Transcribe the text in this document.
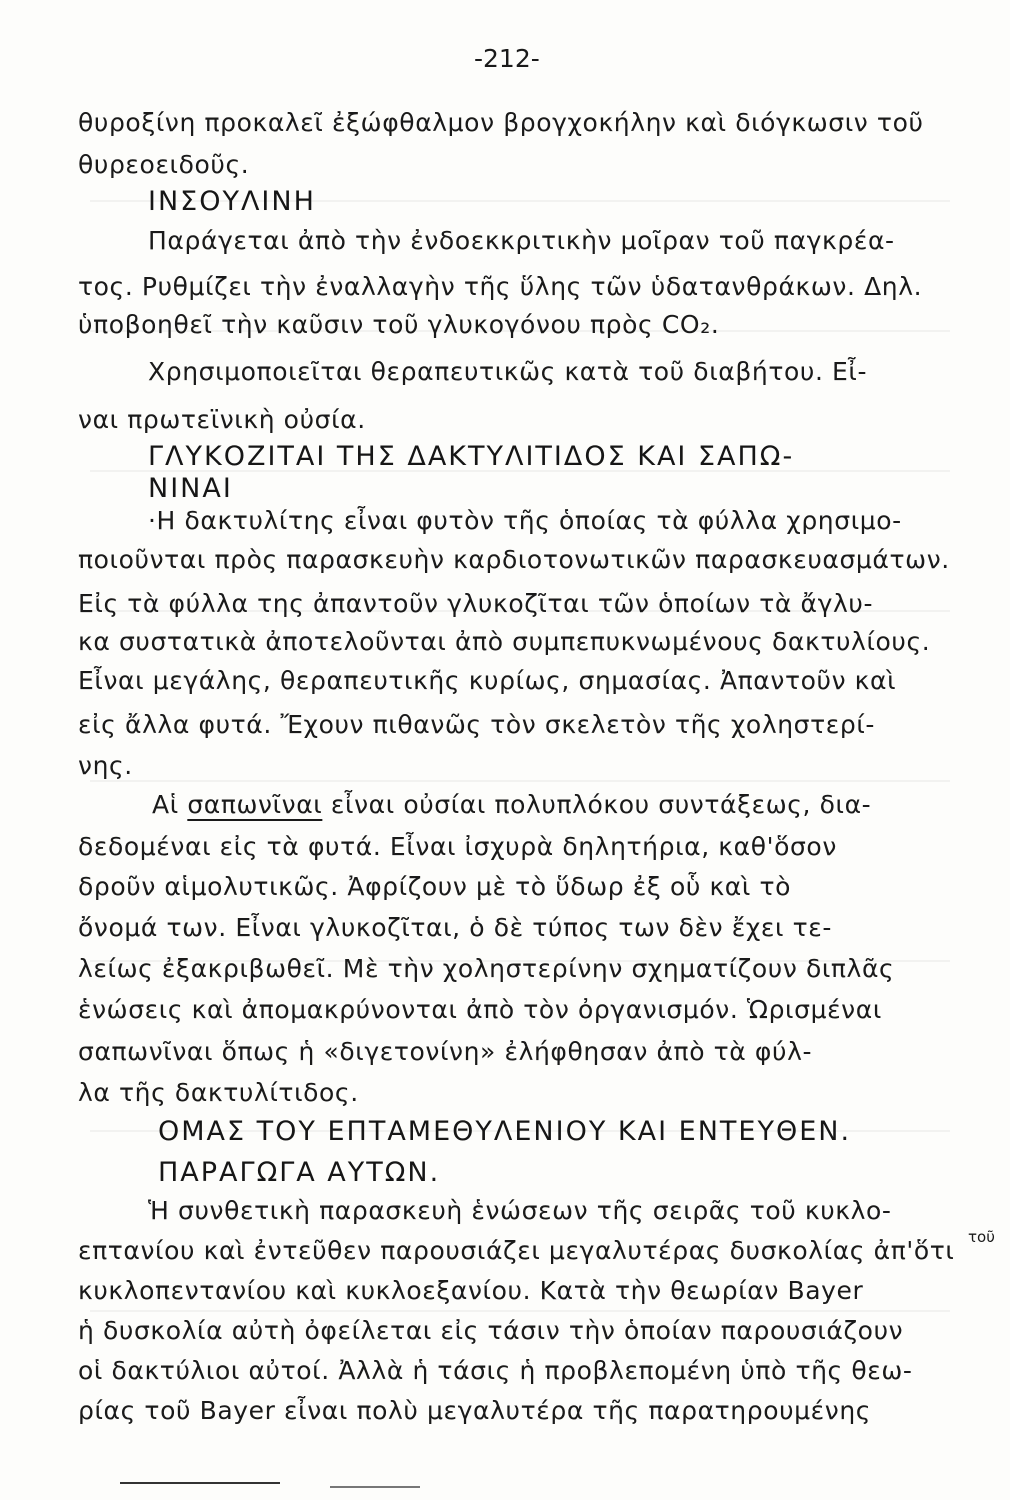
-212-
θυροξίνη προκαλεῖ ἐξώφθαλμον βρογχοκήλην καὶ διόγκωσιν τοῦ
θυρεοειδοῦς.
ΙΝΣΟΥΛΙΝΗ
Παράγεται ἀπὸ τὴν ἐνδοεκκριτικὴν μοῖραν τοῦ παγκρέα-
τος. Ρυθμίζει τὴν ἐναλλαγὴν τῆς ὕλης τῶν ὑδατανθράκων. Δηλ.
ὑποβοηθεῖ τὴν καῦσιν τοῦ γλυκογόνου πρὸς CO₂.
Χρησιμοποιεῖται θεραπευτικῶς κατὰ τοῦ διαβήτου. Εἶ-
ναι πρωτεϊνικὴ οὐσία.
ΓΛΥΚΟΖΙΤΑΙ ΤΗΣ ΔΑΚΤΥΛΙΤΙΔΟΣ ΚΑΙ ΣΑΠΩ-
ΝΙΝΑΙ
·Η δακτυλίτης εἶναι φυτὸν τῆς ὁποίας τὰ φύλλα χρησιμο-
ποιοῦνται πρὸς παρασκευὴν καρδιοτονωτικῶν παρασκευασμάτων.
Εἰς τὰ φύλλα της ἀπαντοῦν γλυκοζῖται τῶν ὁποίων τὰ ἄγλυ-
κα συστατικὰ ἀποτελοῦνται ἀπὸ συμπεπυκνωμένους δακτυλίους.
Εἶναι μεγάλης, θεραπευτικῆς κυρίως, σημασίας. Ἀπαντοῦν καὶ
εἰς ἄλλα φυτά. Ἔχουν πιθανῶς τὸν σκελετὸν τῆς χοληστερί-
νης.
Αἱ σαπωνῖναι εἶναι οὐσίαι πολυπλόκου συντάξεως, δια-
δεδομέναι εἰς τὰ φυτά. Εἶναι ἰσχυρὰ δηλητήρια, καθ'ὅσον
δροῦν αἱμολυτικῶς. Ἀφρίζουν μὲ τὸ ὕδωρ ἐξ οὗ καὶ τὸ
ὄνομά των. Εἶναι γλυκοζῖται, ὁ δὲ τύπος των δὲν ἔχει τε-
λείως ἐξακριβωθεῖ. Μὲ τὴν χοληστερίνην σχηματίζουν διπλᾶς
ἑνώσεις καὶ ἀπομακρύνονται ἀπὸ τὸν ὀργανισμόν. Ὡρισμέναι
σαπωνῖναι ὅπως ἡ «διγετονίνη» ἐλήφθησαν ἀπὸ τὰ φύλ-
λα τῆς δακτυλίτιδος.
ΟΜΑΣ ΤΟΥ ΕΠΤΑΜΕΘΥΛΕΝΙΟΥ ΚΑΙ ΕΝΤΕΥΘΕΝ.
ΠΑΡΑΓΩΓΑ ΑΥΤΩΝ.
Ἡ συνθετικὴ παρασκευὴ ἑνώσεων τῆς σειρᾶς τοῦ κυκλο-
επτανίου καὶ ἐντεῦθεν παρουσιάζει μεγαλυτέρας δυσκολίας ἀπ'ὅτι τοῦ
κυκλοπεντανίου καὶ κυκλοεξανίου. Κατὰ τὴν θεωρίαν Bayer
ἡ δυσκολία αὐτὴ ὀφείλεται εἰς τάσιν τὴν ὁποίαν παρουσιάζουν
οἱ δακτύλιοι αὐτοί. Ἀλλὰ ἡ τάσις ἡ προβλεπομένη ὑπὸ τῆς θεω-
ρίας τοῦ Bayer εἶναι πολὺ μεγαλυτέρα τῆς παρατηρουμένης
